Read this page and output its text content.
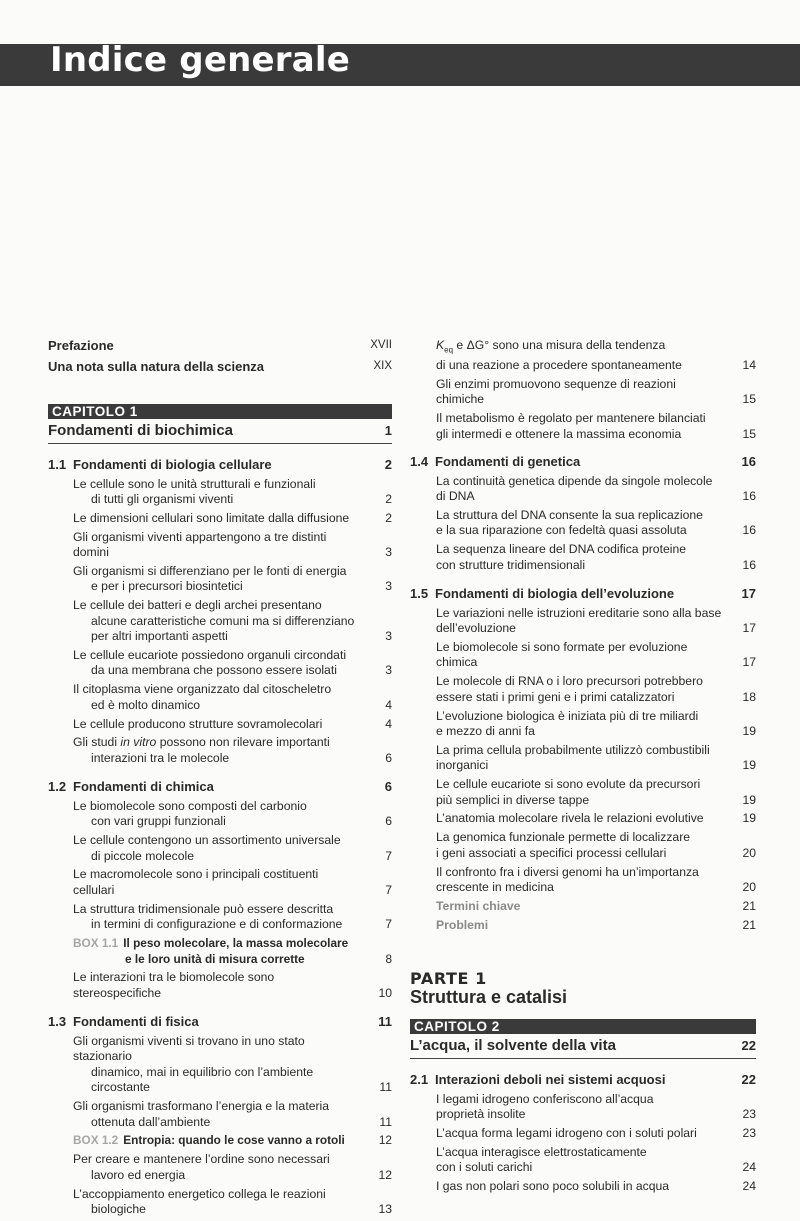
Indice generale
Prefazione	XVII
Una nota sulla natura della scienza	XIX
CAPITOLO 1
Fondamenti di biochimica	1
1.1 Fondamenti di biologia cellulare	2
Le cellule sono le unità strutturali e funzionali
di tutti gli organismi viventi	2
Le dimensioni cellulari sono limitate dalla diffusione	2
Gli organismi viventi appartengono a tre distinti domini	3
Gli organismi si differenziano per le fonti di energia
e per i precursori biosintetici	3
Le cellule dei batteri e degli archei presentano
alcune caratteristiche comuni ma si differenziano
per altri importanti aspetti	3
Le cellule eucariote possiedono organuli circondati
da una membrana che possono essere isolati	3
Il citoplasma viene organizzato dal citoscheletro
ed è molto dinamico	4
Le cellule producono strutture sovramolecolari	4
Gli studi in vitro possono non rilevare importanti
interazioni tra le molecole	6
1.2 Fondamenti di chimica	6
Le biomolecole sono composti del carbonio
con vari gruppi funzionali	6
Le cellule contengono un assortimento universale
di piccole molecole	7
Le macromolecole sono i principali costituenti cellulari	7
La struttura tridimensionale può essere descritta
in termini di configurazione e di conformazione	7
BOX 1.1 Il peso molecolare, la massa molecolare
e le loro unità di misura corrette	8
Le interazioni tra le biomolecole sono stereospecifiche	10
1.3 Fondamenti di fisica	11
Gli organismi viventi si trovano in uno stato stazionario
dinamico, mai in equilibrio con l’ambiente
circostante	11
Gli organismi trasformano l’energia e la materia
ottenuta dall’ambiente	11
BOX 1.2 Entropia: quando le cose vanno a rotoli	12
Per creare e mantenere l’ordine sono necessari
lavoro ed energia	12
L’accoppiamento energetico collega le reazioni
biologiche	13
$K_{eq}$ e ΔG° sono una misura della tendenza
di una reazione a procedere spontaneamente	14
Gli enzimi promuovono sequenze di reazioni chimiche	15
Il metabolismo è regolato per mantenere bilanciati
gli intermedi e ottenere la massima economia	15
1.4 Fondamenti di genetica	16
La continuità genetica dipende da singole molecole
di DNA	16
La struttura del DNA consente la sua replicazione
e la sua riparazione con fedeltà quasi assoluta	16
La sequenza lineare del DNA codifica proteine
con strutture tridimensionali	16
1.5 Fondamenti di biologia dell’evoluzione	17
Le variazioni nelle istruzioni ereditarie sono alla base
dell’evoluzione	17
Le biomolecole si sono formate per evoluzione chimica	17
Le molecole di RNA o i loro precursori potrebbero
essere stati i primi geni e i primi catalizzatori	18
L’evoluzione biologica è iniziata più di tre miliardi
e mezzo di anni fa	19
La prima cellula probabilmente utilizzò combustibili
inorganici	19
Le cellule eucariote si sono evolute da precursori
più semplici in diverse tappe	19
L’anatomia molecolare rivela le relazioni evolutive	19
La genomica funzionale permette di localizzare
i geni associati a specifici processi cellulari	20
Il confronto fra i diversi genomi ha un’importanza
crescente in medicina	20
Termini chiave	21
Problemi	21
PARTE 1
Struttura e catalisi
CAPITOLO 2
L’acqua, il solvente della vita	22
2.1 Interazioni deboli nei sistemi acquosi	22
I legami idrogeno conferiscono all’acqua
proprietà insolite	23
L’acqua forma legami idrogeno con i soluti polari	23
L’acqua interagisce elettrostaticamente
con i soluti carichi	24
I gas non polari sono poco solubili in acqua	24
